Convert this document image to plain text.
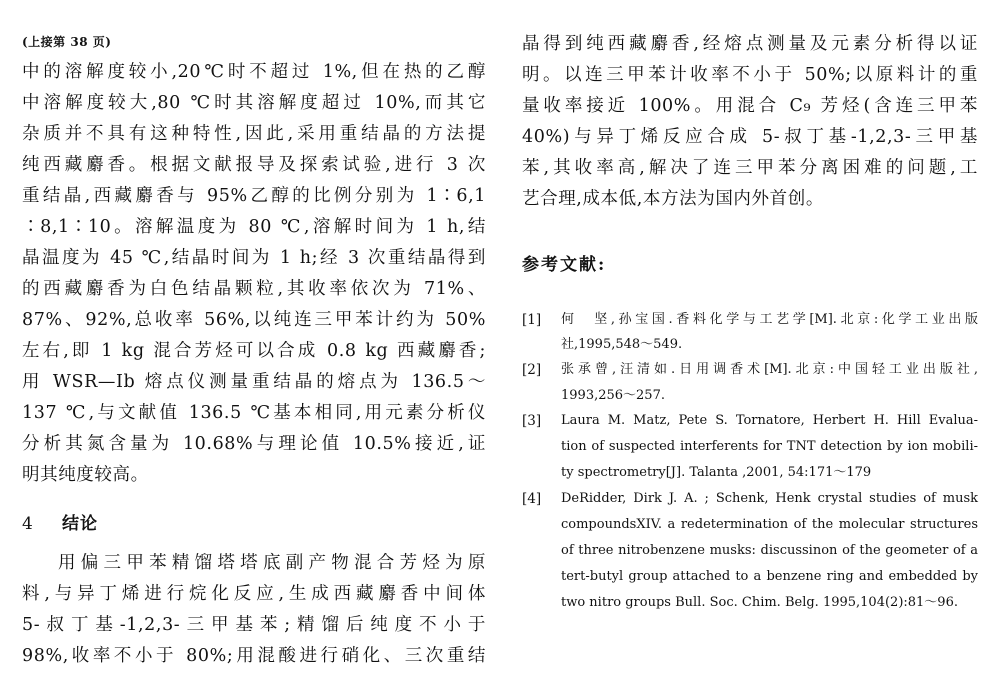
(上接第 38 页)
中的溶解度较小,20℃时不超过 1%,但在热的乙醇
中溶解度较大,80 ℃时其溶解度超过 10%,而其它
杂质并不具有这种特性,因此,采用重结晶的方法提
纯西藏麝香。根据文献报导及探索试验,进行 3 次
重结晶,西藏麝香与 95%乙醇的比例分别为 1∶6,1
∶8,1∶10。溶解温度为 80 ℃,溶解时间为 1 h,结
晶温度为 45 ℃,结晶时间为 1 h;经 3 次重结晶得到
的西藏麝香为白色结晶颗粒,其收率依次为 71%、
87%、92%,总收率 56%,以纯连三甲苯计约为 50%
左右,即 1 kg 混合芳烃可以合成 0.8 kg 西藏麝香;
用 WSR—Ib 熔点仪测量重结晶的熔点为 136.5～
137 ℃,与文献值 136.5 ℃基本相同,用元素分析仪
分析其氮含量为 10.68%与理论值 10.5%接近,证
明其纯度较高。
4 结论
用偏三甲苯精馏塔塔底副产物混合芳烃为原
料,与异丁烯进行烷化反应,生成西藏麝香中间体
5-叔丁基-1,2,3-三甲基苯;精馏后纯度不小于
98%,收率不小于 80%;用混酸进行硝化、三次重结
晶得到纯西藏麝香,经熔点测量及元素分析得以证
明。以连三甲苯计收率不小于 50%;以原料计的重
量收率接近 100%。用混合 C₉ 芳烃(含连三甲苯
40%)与异丁烯反应合成 5-叔丁基-1,2,3-三甲基
苯,其收率高,解决了连三甲苯分离困难的问题,工
艺合理,成本低,本方法为国内外首创。
参考文献:
[1] 何　坚,孙宝国.香料化学与工艺学[M].北京:化学工业出版
社,1995,548～549.
[2] 张承曾,汪清如.日用调香术[M].北京:中国轻工业出版社,
1993,256～257.
[3] Laura M. Matz, Pete S. Tornatore, Herbert H. Hill Evalua-
tion of suspected interferents for TNT detection by ion mobili-
ty spectrometry[J]. Talanta ,2001, 54:171～179
[4] DeRidder, Dirk J. A. ; Schenk, Henk crystal studies of musk
compoundsXIV. a redetermination of the molecular structures
of three nitrobenzene musks: discussinon of the geometer of a
tert-butyl group attached to a benzene ring and embedded by
two nitro groups Bull. Soc. Chim. Belg. 1995,104(2):81～96.
